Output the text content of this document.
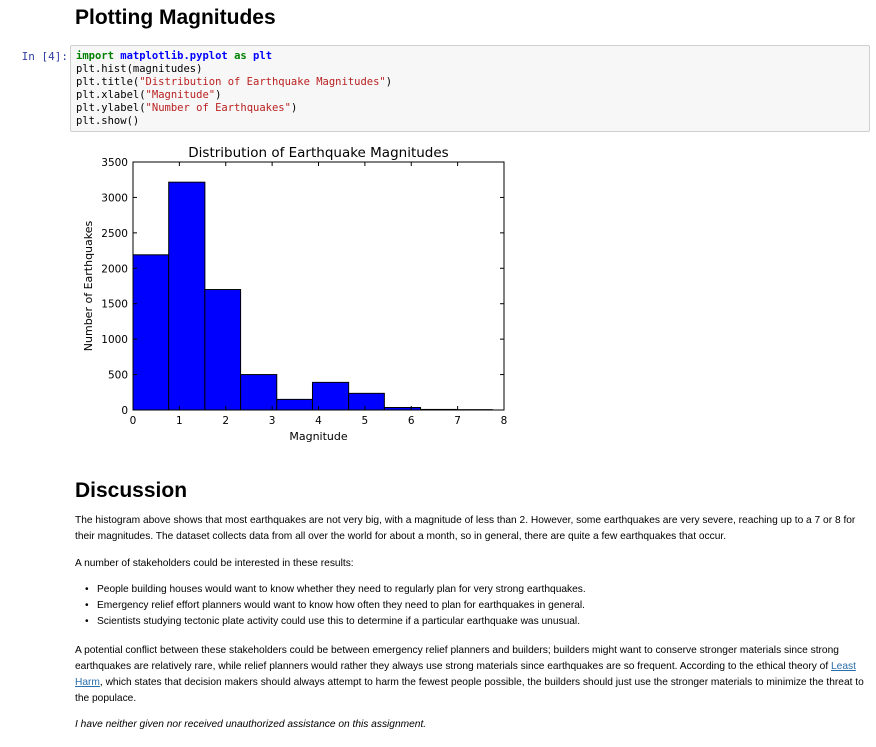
Plotting Magnitudes
In [4]: import matplotlib.pyplot as plt
plt.hist(magnitudes)
plt.title("Distribution of Earthquake Magnitudes")
plt.xlabel("Magnitude")
plt.ylabel("Number of Earthquakes")
plt.show()
0	1	2	3	4	5	6	7	8
0
500
1000
1500
2000
2500
3000
3500
Distribution of Earthquake Magnitudes
Magnitude
Number of Earthquakes
Discussion

The histogram above shows that most earthquakes are not very big, with a magnitude of less than 2. However, some earthquakes are very severe, reaching up to a 7 or 8 for their magnitudes. The dataset collects data from all over the world for about a month, so in general, there are quite a few earthquakes that occur.

A number of stakeholders could be interested in these results:

• People building houses would want to know whether they need to regularly plan for very strong earthquakes.
• Emergency relief effort planners would want to know how often they need to plan for earthquakes in general.
• Scientists studying tectonic plate activity could use this to determine if a particular earthquake was unusual.

A potential conflict between these stakeholders could be between emergency relief planners and builders; builders might want to conserve stronger materials since strong earthquakes are relatively rare, while relief planners would rather they always use strong materials since earthquakes are so frequent. According to the ethical theory of Least Harm, which states that decision makers should always attempt to harm the fewest people possible, the builders should just use the stronger materials to minimize the threat to the populace.

I have neither given nor received unauthorized assistance on this assignment.
